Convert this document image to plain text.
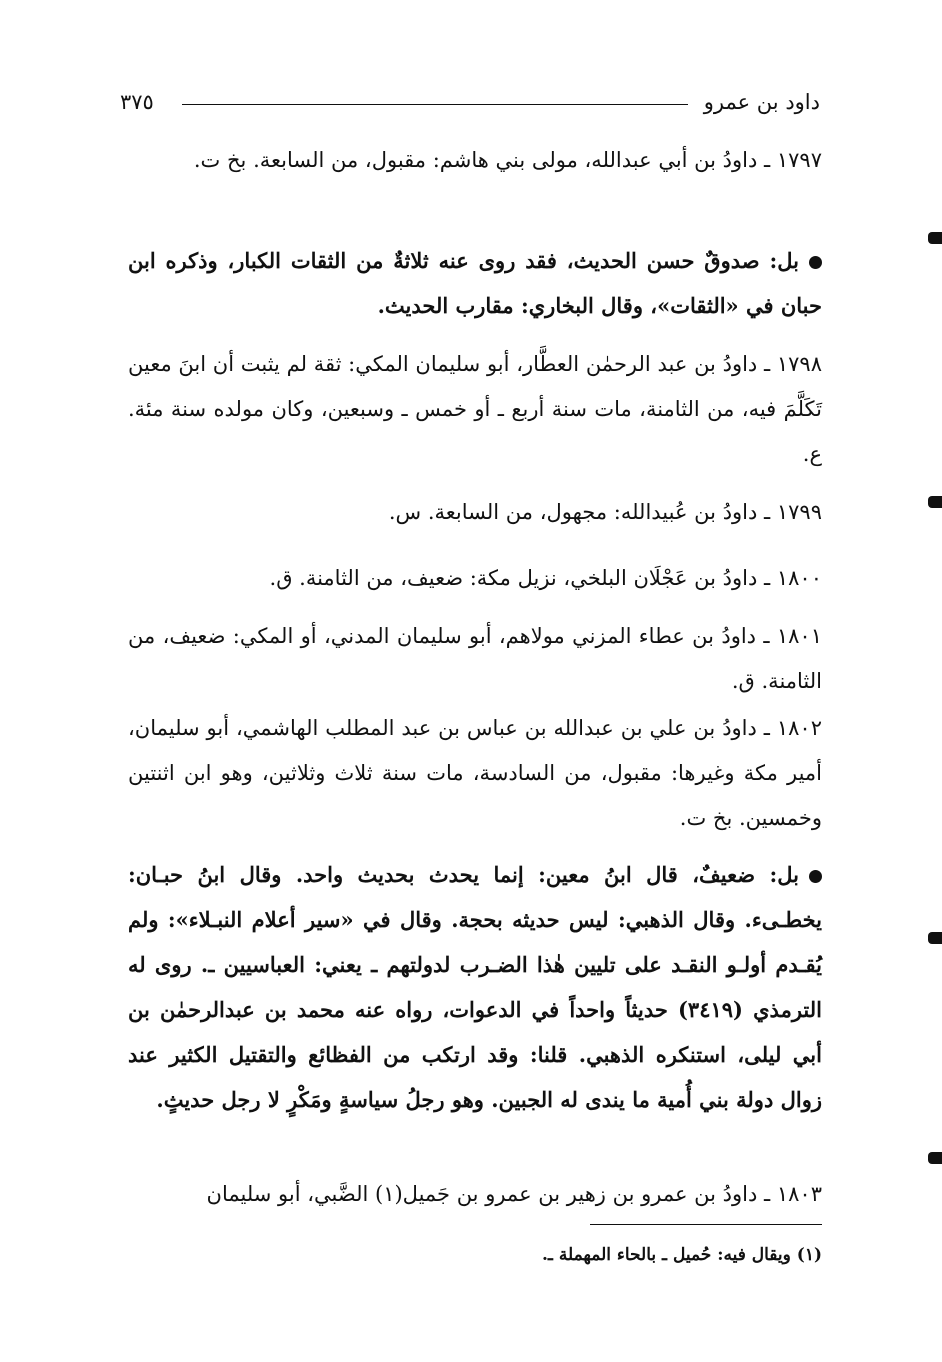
داود بن عمرو
٣٧٥
١٧٩٧ ـ داودُ بن أبي عبدالله، مولى بني هاشم: مقبول، من السابعة. بخ ت.
بل: صدوقٌ حسن الحديث، فقد روى عنه ثلاثةٌ من الثقات الكبار، وذكره ابن حبان في «الثقات»، وقال البخاري: مقارب الحديث.
١٧٩٨ ـ داودُ بن عبد الرحمٰن العطَّار، أبو سليمان المكي: ثقة لم يثبت أن ابنَ معين تَكَلَّمَ فيه، من الثامنة، مات سنة أربع ـ أو خمس ـ وسبعين، وكان مولده سنة مئة. ع.
١٧٩٩ ـ داودُ بن عُبيدالله: مجهول، من السابعة. س.
١٨٠٠ ـ داودُ بن عَجْلَان البلخي، نزيل مكة: ضعيف، من الثامنة. ق.
١٨٠١ ـ داودُ بن عطاء المزني مولاهم، أبو سليمان المدني، أو المكي: ضعيف، من الثامنة. ق.
١٨٠٢ ـ داودُ بن علي بن عبدالله بن عباس بن عبد المطلب الهاشمي، أبو سليمان، أمير مكة وغيرها: مقبول، من السادسة، مات سنة ثلاث وثلاثين، وهو ابن اثنتين وخمسين. بخ ت.
بل: ضعيفٌ، قال ابنُ معين: إنما يحدث بحديث واحد. وقال ابنُ حبـان: يخطـىء. وقال الذهبي: ليس حديثه بحجة. وقال في «سير أعلام النبـلاء»: ولم يُقـدم أولـو النقـد على تليين هٰذا الضـرب لدولتهم ـ يعني: العباسيين ـ. روى له الترمذي (٣٤١٩) حديثاً واحداً في الدعوات، رواه عنه محمد بن عبدالرحمٰن بن أبي ليلى، استنكره الذهبي. قلنا: وقد ارتكب من الفظائع والتقتيل الكثير عند زوال دولة بني أُمية ما يندى له الجبين. وهو رجلُ سياسةٍ ومَكْرٍ لا رجل حديثٍ.
١٨٠٣ ـ داودُ بن عمرو بن زهير بن عمرو بن جَميل(١) الضَّبي، أبو سليمان
(١) ويقال فيه: حُميل ـ بالحاء المهملة ـ.
